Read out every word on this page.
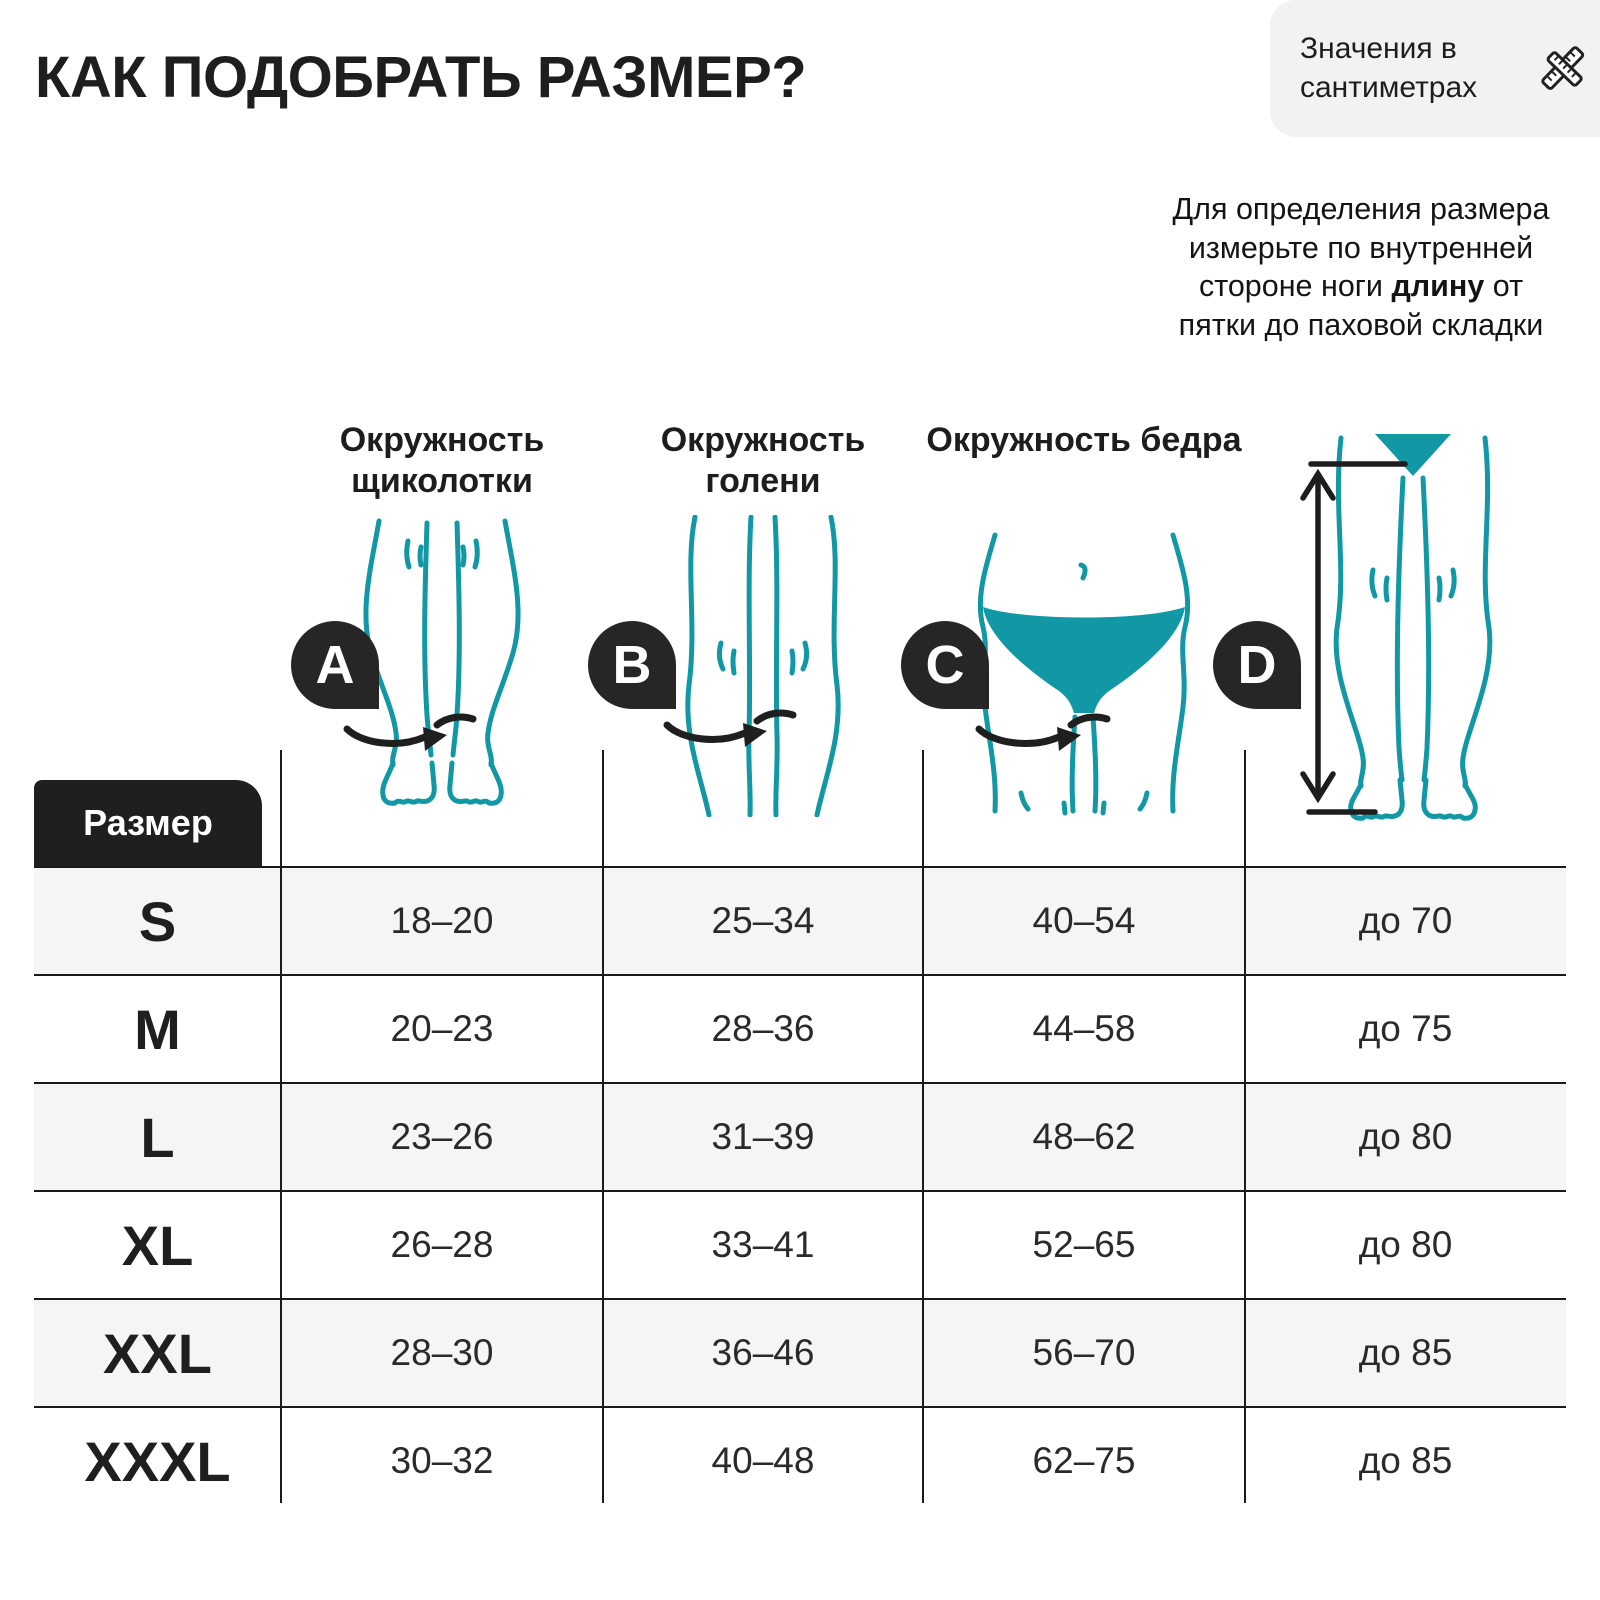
КАК ПОДОБРАТЬ РАЗМЕР?	Значения в сантиметрах
Для определения размера измерьте по внутренней стороне ноги длину от пятки до паховой складки
Окружность щиколотки
Окружность голени
Окружность бедра
A	B	C	D
Размер
S	18–20	25–34	40–54	до 70
M	20–23	28–36	44–58	до 75
L	23–26	31–39	48–62	до 80
XL	26–28	33–41	52–65	до 80
XXL	28–30	36–46	56–70	до 85
XXXL	30–32	40–48	62–75	до 85
